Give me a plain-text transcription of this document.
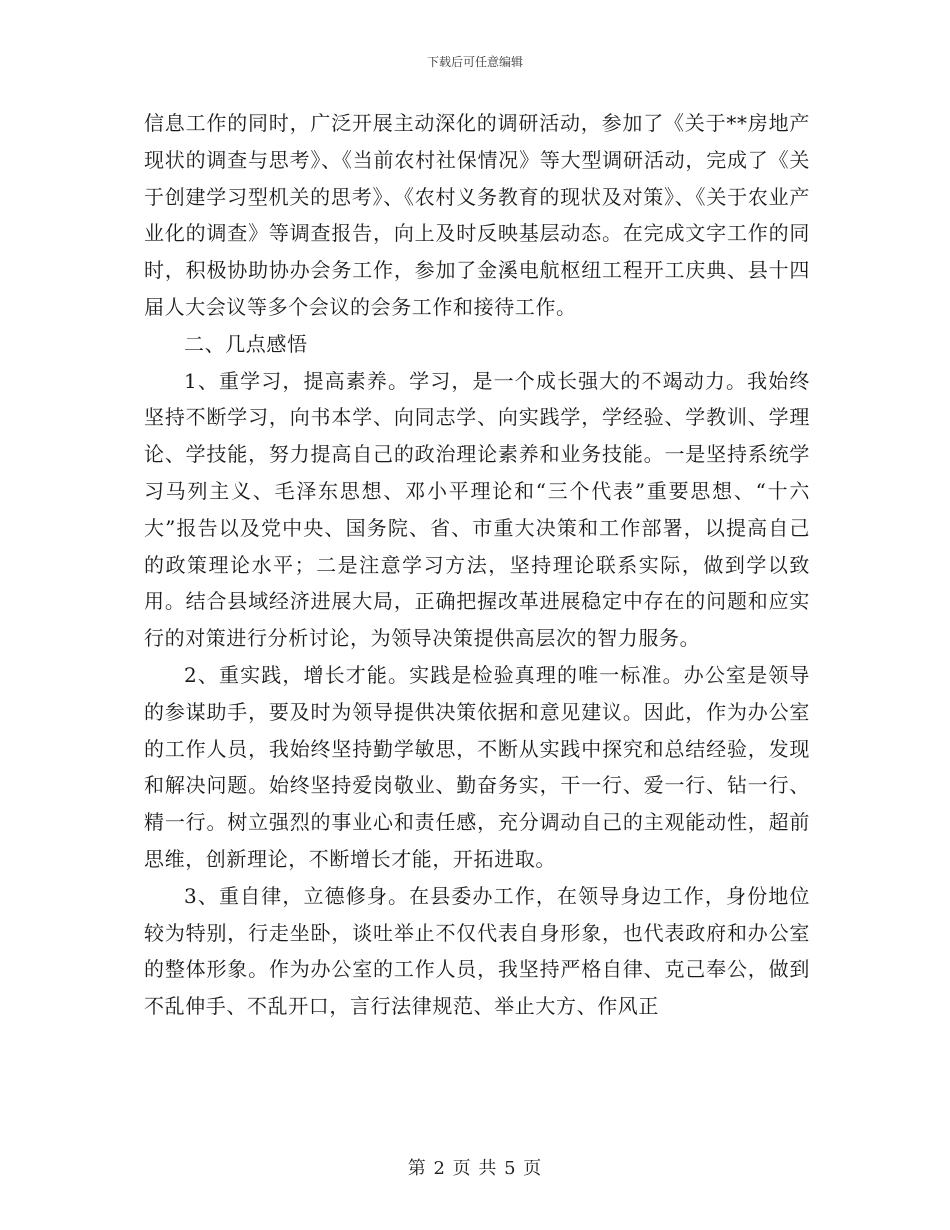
下载后可任意编辑

信息工作的同时，广泛开展主动深化的调研活动，参加了《关于**房地产现状的调查与思考》、《当前农村社保情况》等大型调研活动，完成了《关于创建学习型机关的思考》、《农村义务教育的现状及对策》、《关于农业产业化的调查》等调查报告，向上及时反映基层动态。在完成文字工作的同时，积极协助协办会务工作，参加了金溪电航枢纽工程开工庆典、县十四届人大会议等多个会议的会务工作和接待工作。

二、几点感悟

1、重学习，提高素养。学习，是一个成长强大的不竭动力。我始终坚持不断学习，向书本学、向同志学、向实践学，学经验、学教训、学理论、学技能，努力提高自己的政治理论素养和业务技能。一是坚持系统学习马列主义、毛泽东思想、邓小平理论和“三个代表”重要思想、“十六大”报告以及党中央、国务院、省、市重大决策和工作部署，以提高自己的政策理论水平；二是注意学习方法，坚持理论联系实际，做到学以致用。结合县域经济进展大局，正确把握改革进展稳定中存在的问题和应实行的对策进行分析讨论，为领导决策提供高层次的智力服务。

2、重实践，增长才能。实践是检验真理的唯一标准。办公室是领导的参谋助手，要及时为领导提供决策依据和意见建议。因此，作为办公室的工作人员，我始终坚持勤学敏思，不断从实践中探究和总结经验，发现和解决问题。始终坚持爱岗敬业、勤奋务实，干一行、爱一行、钻一行、精一行。树立强烈的事业心和责任感，充分调动自己的主观能动性，超前思维，创新理论，不断增长才能，开拓进取。

3、重自律，立德修身。在县委办工作，在领导身边工作，身份地位较为特别，行走坐卧，谈吐举止不仅代表自身形象，也代表政府和办公室的整体形象。作为办公室的工作人员，我坚持严格自律、克己奉公，做到不乱伸手、不乱开口，言行法律规范、举止大方、作风正

第 2 页 共 5 页
